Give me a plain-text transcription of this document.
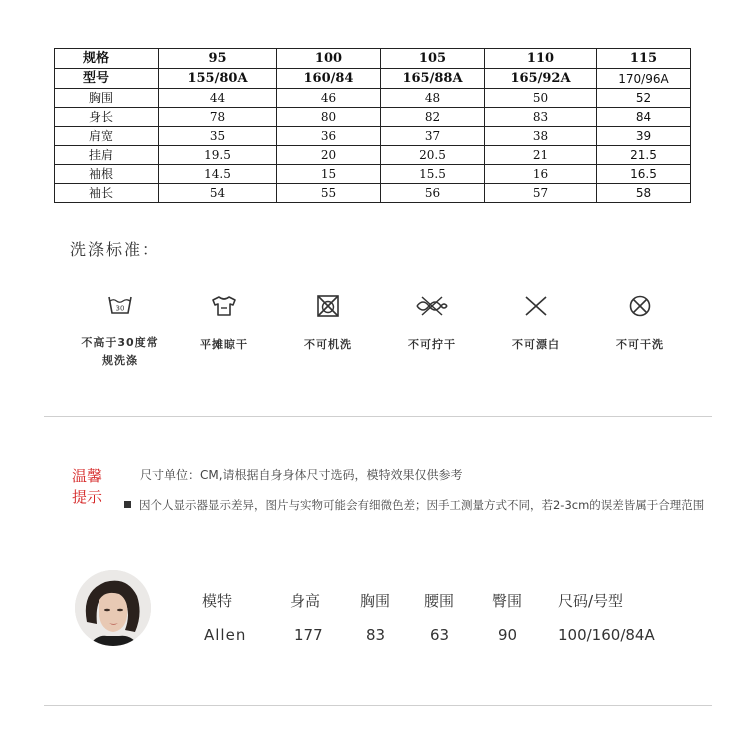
规格	95	100	105	110	115
型号	155/80A	160/84	165/88A	165/92A	170/96A
胸围	44	46	48	50	52
身长	78	80	82	83	84
肩宽	35	36	37	38	39
挂肩	19.5	20	20.5	21	21.5
袖根	14.5	15	15.5	16	16.5
袖长	54	55	56	57	58
洗涤标准：
30
不高于30度常
规洗涤
平摊晾干	不可机洗	不可拧干	不可漂白	不可干洗
温馨
提示
尺寸单位：CM,请根据自身身体尺寸选码，模特效果仅供参考
因个人显示器显示差异，图片与实物可能会有细微色差；因手工测量方式不同，若2-3cm的误差皆属于合理范围
模特	身高	胸围 腰围	臀围 尺码/号型
Allen	177	83	63	90	100/160/84A
